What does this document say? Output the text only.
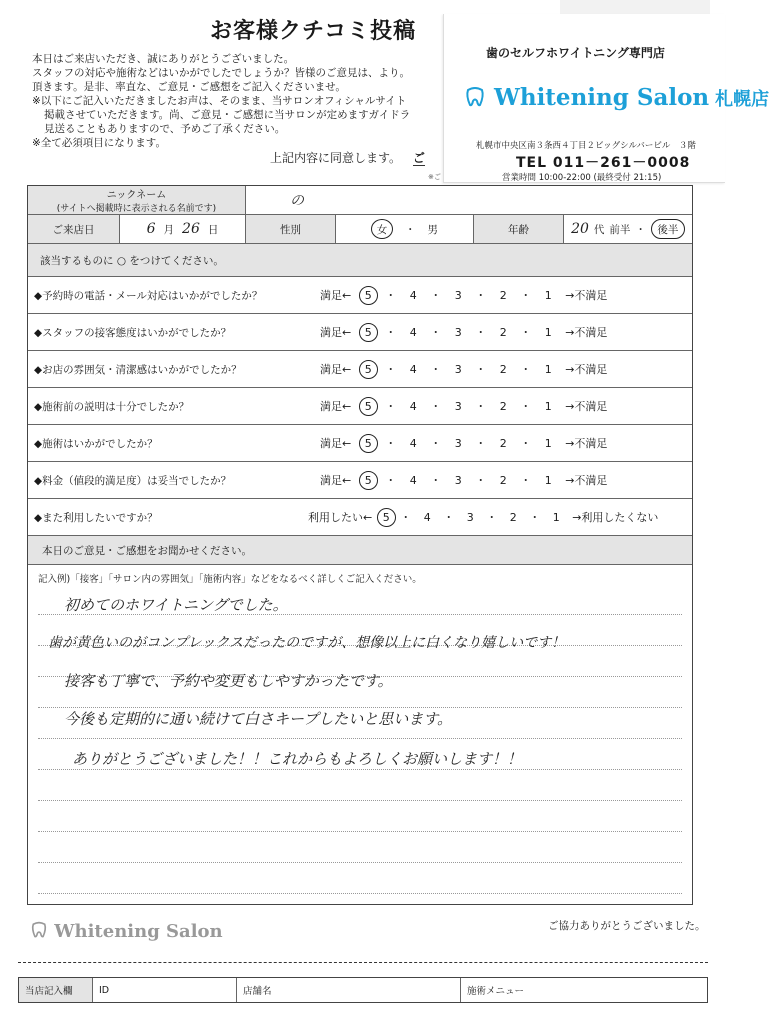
お客様クチコミ投稿
本日はご来店いただき、誠にありがとうございました。
スタッフの対応や施術などはいかがでしたでしょうか？皆様のご意見は、より。
頂きます。是非、率直な、ご意見・ご感想をご記入くださいませ。
※以下にご記入いただきましたお声は、そのまま、当サロンオフィシャルサイト
掲載させていただきます。尚、ご意見・ご感想に当サロンが定めますガイドラ
見送ることもありますので、予めご了承ください。
※全て必須項目になります。
上記内容に同意します。 ご
※ご
歯のセルフホワイトニング専門店
Whitening Salon 札幌店
札幌市中央区南３条西４丁目２ビッグシルバービル　３階
TEL 011－261－0008
営業時間 10:00-22:00 (最終受付 21:15)
ニックネーム
(サイトへ掲載時に表示される名前です)	の
ご来店日	6 月 26 日	性別	女 ・ 男	年齢	20 代 前半 ・ 後半
該当するものに ○ をつけてください。
◆予約時の電話・メール対応はいかがでしたか？	満足←	5	・	4	・	3	・	2	・	1	→不満足
◆スタッフの接客態度はいかがでしたか？	満足←	5	・	4	・	3	・	2	・	1	→不満足
◆お店の雰囲気・清潔感はいかがでしたか？	満足←	5	・	4	・	3	・	2	・	1	→不満足
◆施術前の説明は十分でしたか？	満足←	5	・	4	・	3	・	2	・	1	→不満足
◆施術はいかがでしたか？	満足←	5	・	4	・	3	・	2	・	1	→不満足
◆料金（値段的満足度）は妥当でしたか？	満足←	5	・	4	・	3	・	2	・	1	→不満足
◆また利用したいですか？	利用したい← 5 ・	4	・	3	・	2	・	1	→利用したくない
本日のご意見・ご感想をお聞かせください。
記入例)「接客」「サロン内の雰囲気」「施術内容」などをなるべく詳しくご記入ください。
初めてのホワイトニングでした。
歯が黄色いのがコンプレックスだったのですが、想像以上に白くなり嬉しいです！
接客も丁寧で、予約や変更もしやすかったです。
今後も定期的に通い続けて白さキープしたいと思います。
ありがとうございました！！これからもよろしくお願いします！！
Whitening Salon	ご協力ありがとうございました。
当店記入欄	ID	店舗名	施術メニュー
